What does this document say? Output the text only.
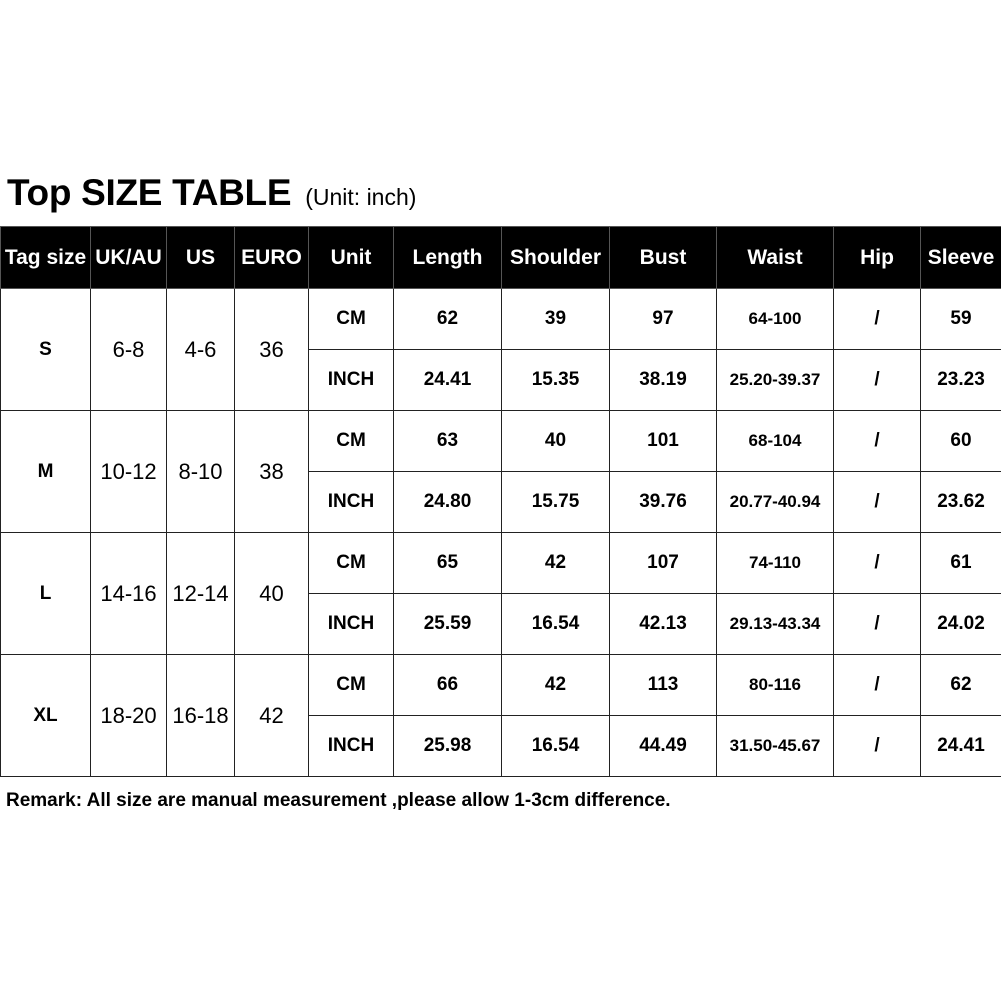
Top SIZE TABLE (Unit: inch)
Tag size	UK/AU	US	EURO	Unit	Length	Shoulder	Bust	Waist	Hip	Sleeve
S	6-8	4-6	36	CM	62	39	97	64-100	/	59
				INCH	24.41	15.35	38.19	25.20-39.37	/	23.23
M	10-12	8-10	38	CM	63	40	101	68-104	/	60
				INCH	24.80	15.75	39.76	20.77-40.94	/	23.62
L	14-16	12-14	40	CM	65	42	107	74-110	/	61
				INCH	25.59	16.54	42.13	29.13-43.34	/	24.02
XL	18-20	16-18	42	CM	66	42	113	80-116	/	62
				INCH	25.98	16.54	44.49	31.50-45.67	/	24.41
Remark: All size are manual measurement ,please allow 1-3cm difference.
